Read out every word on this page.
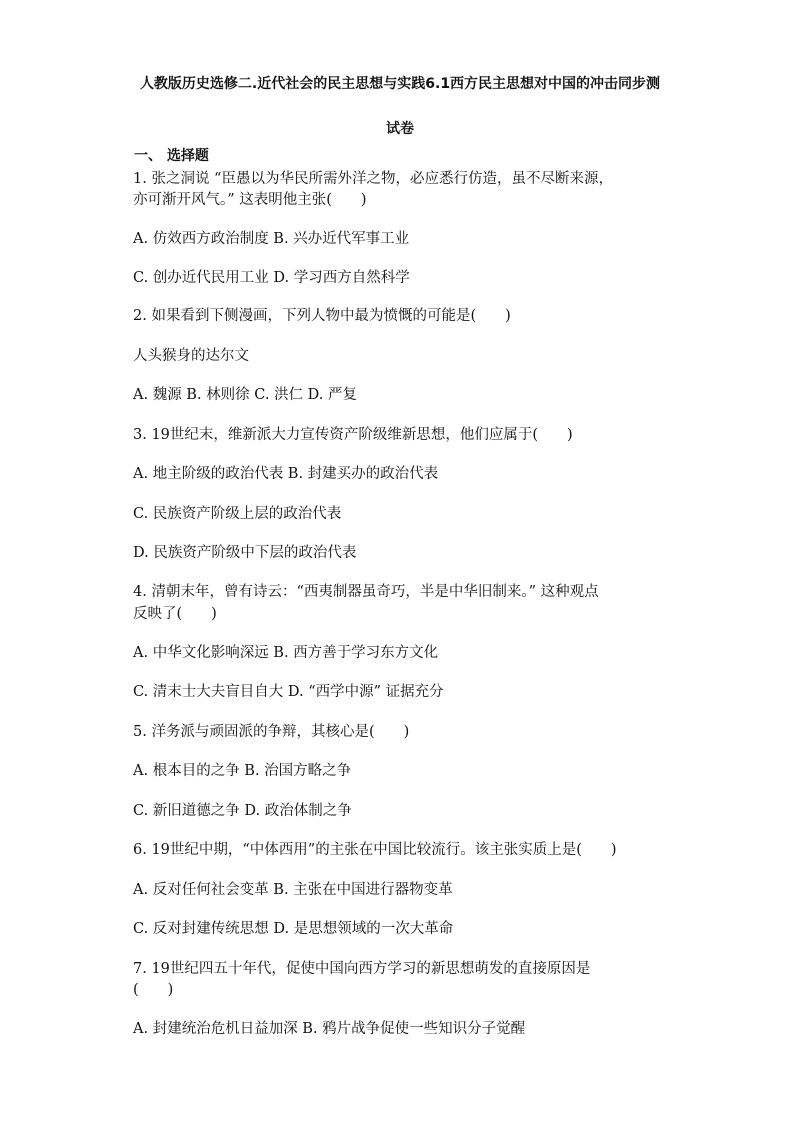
人教版历史选修二.近代社会的民主思想与实践6.1西方民主思想对中国的冲击同步测
试卷
一、 选择题
1. 张之洞说 “臣愚以为华民所需外洋之物，必应悉行仿造，虽不尽断来源，
亦可渐开风气。” 这表明他主张(　　)
A. 仿效西方政治制度 B. 兴办近代军事工业
C. 创办近代民用工业 D. 学习西方自然科学
2. 如果看到下侧漫画，下列人物中最为愤慨的可能是(　　)
人头猴身的达尔文
A. 魏源 B. 林则徐 C. 洪仁 D. 严复
3. 19世纪末，维新派大力宣传资产阶级维新思想，他们应属于(　　)
A. 地主阶级的政治代表 B. 封建买办的政治代表
C. 民族资产阶级上层的政治代表
D. 民族资产阶级中下层的政治代表
4. 清朝末年，曾有诗云：“西夷制器虽奇巧，半是中华旧制来。” 这种观点
反映了(　　)
A. 中华文化影响深远 B. 西方善于学习东方文化
C. 清末士大夫盲目自大 D. “西学中源” 证据充分
5. 洋务派与顽固派的争辩，其核心是(　　)
A. 根本目的之争 B. 治国方略之争
C. 新旧道德之争 D. 政治体制之争
6. 19世纪中期，“中体西用”的主张在中国比较流行。该主张实质上是(　　)
A. 反对任何社会变革 B. 主张在中国进行器物变革
C. 反对封建传统思想 D. 是思想领域的一次大革命
7. 19世纪四五十年代，促使中国向西方学习的新思想萌发的直接原因是
(　　)
A. 封建统治危机日益加深 B. 鸦片战争促使一些知识分子觉醒
